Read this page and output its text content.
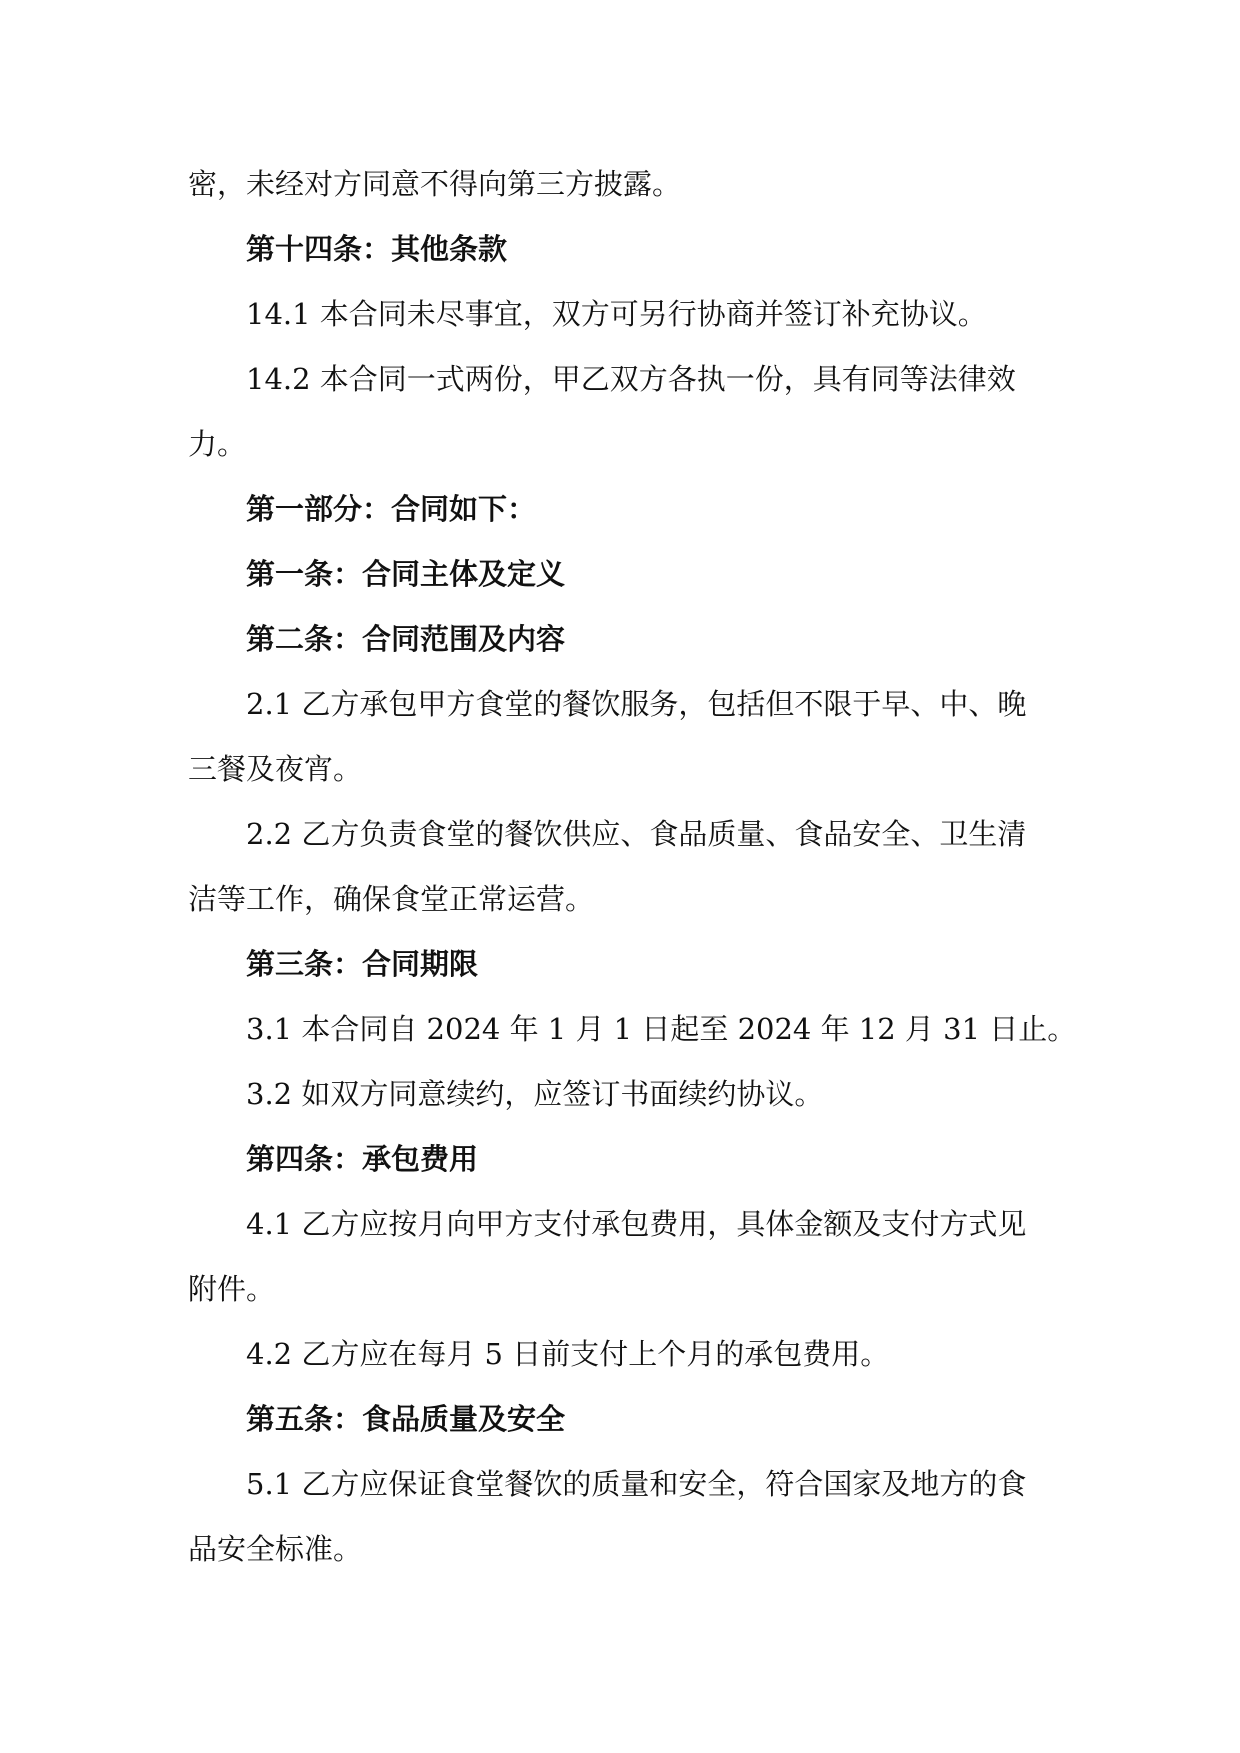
密，未经对方同意不得向第三方披露。
第十四条：其他条款
14.1 本合同未尽事宜，双方可另行协商并签订补充协议。
14.2 本合同一式两份，甲乙双方各执一份，具有同等法律效
力。
第一部分：合同如下：
第一条：合同主体及定义
第二条：合同范围及内容
2.1 乙方承包甲方食堂的餐饮服务，包括但不限于早、中、晚
三餐及夜宵。
2.2 乙方负责食堂的餐饮供应、食品质量、食品安全、卫生清
洁等工作，确保食堂正常运营。
第三条：合同期限
3.1 本合同自 2024 年 1 月 1 日起至 2024 年 12 月 31 日止。
3.2 如双方同意续约，应签订书面续约协议。
第四条：承包费用
4.1 乙方应按月向甲方支付承包费用，具体金额及支付方式见
附件。
4.2 乙方应在每月 5 日前支付上个月的承包费用。
第五条：食品质量及安全
5.1 乙方应保证食堂餐饮的质量和安全，符合国家及地方的食
品安全标准。
